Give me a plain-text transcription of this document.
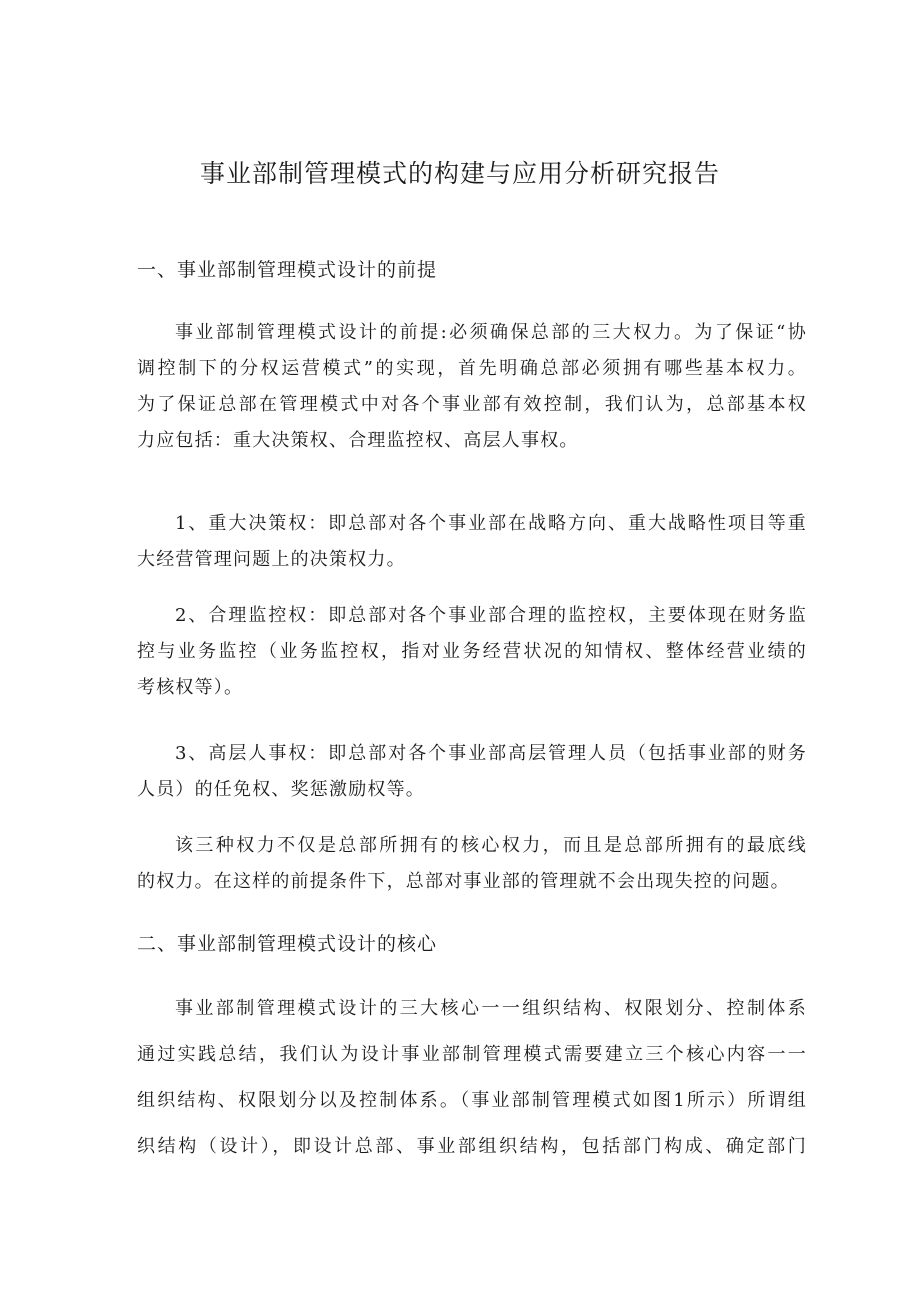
事业部制管理模式的构建与应用分析研究报告
一、事业部制管理模式设计的前提
事业部制管理模式设计的前提:必须确保总部的三大权力。为了保证“协
调控制下的分权运营模式”的实现，首先明确总部必须拥有哪些基本权力。
为了保证总部在管理模式中对各个事业部有效控制，我们认为，总部基本权
力应包括：重大决策权、合理监控权、高层人事权。
1、重大决策权：即总部对各个事业部在战略方向、重大战略性项目等重
大经营管理问题上的决策权力。
2、合理监控权：即总部对各个事业部合理的监控权，主要体现在财务监
控与业务监控（业务监控权，指对业务经营状况的知情权、整体经营业绩的
考核权等）。
3、高层人事权：即总部对各个事业部高层管理人员（包括事业部的财务
人员）的任免权、奖惩激励权等。
该三种权力不仅是总部所拥有的核心权力，而且是总部所拥有的最底线
的权力。在这样的前提条件下，总部对事业部的管理就不会出现失控的问题。
二、事业部制管理模式设计的核心
事业部制管理模式设计的三大核心一一组织结构、权限划分、控制体系
通过实践总结，我们认为设计事业部制管理模式需要建立三个核心内容一一
组织结构、权限划分以及控制体系。（事业部制管理模式如图1所示）所谓组
织结构（设计），即设计总部、事业部组织结构，包括部门构成、确定部门
